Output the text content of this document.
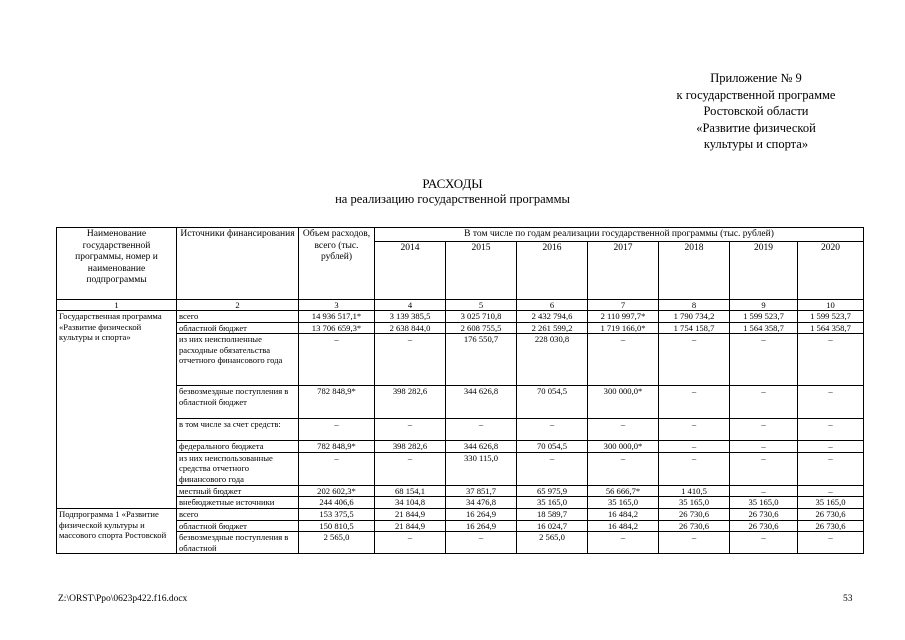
Приложение № 9
к государственной программе
Ростовской области
«Развитие физической
культуры и спорта»
РАСХОДЫ
на реализацию государственной программы
Наименование государственной программы, номер и наименование подпрограммы	Источники финансирования	Объем расходов, всего (тыс. рублей)	В том числе по годам реализации государственной программы (тыс. рублей)						
			2014	2015	2016	2017	2018	2019	2020
1	2	3	4	5	6	7	8	9	10
Государственная программа «Развитие физической культуры и спорта»	всего	14 936 517,1*	3 139 385,5	3 025 710,8	2 432 794,6	2 110 997,7*	1 790 734,2	1 599 523,7	1 599 523,7
	областной бюджет	13 706 659,3*	2 638 844,0	2 608 755,5	2 261 599,2	1 719 166,0*	1 754 158,7	1 564 358,7	1 564 358,7
	из них неисполненные расходные обязательства отчетного финансового года	–	–	176 550,7	228 030,8	–	–	–	–
	безвозмездные поступления в областной бюджет	782 848,9*	398 282,6	344 626,8	70 054,5	300 000,0*	–	–	–
	в том числе за счет средств:	–	–	–	–	–	–	–	–
	федерального бюджета	782 848,9*	398 282,6	344 626,8	70 054,5	300 000,0*	–	–	–
	из них неиспользованные средства отчетного финансового года	–	–	330 115,0	–	–	–	–	–
	местный бюджет	202 602,3*	68 154,1	37 851,7	65 975,9	56 666,7*	1 410,5	–	–
	внебюджетные источники	244 406,6	34 104,8	34 476,8	35 165,0	35 165,0	35 165,0	35 165,0	35 165,0
Подпрограмма 1 «Развитие физической культуры и массового спорта Ростовской	всего	153 375,5	21 844,9	16 264,9	18 589,7	16 484,2	26 730,6	26 730,6	26 730,6
	областной бюджет	150 810,5	21 844,9	16 264,9	16 024,7	16 484,2	26 730,6	26 730,6	26 730,6
	безвозмездные поступления в областной	2 565,0	–	–	2 565,0	–	–	–	–
Z:\ORST\Ppo\0623p422.f16.docx	53
